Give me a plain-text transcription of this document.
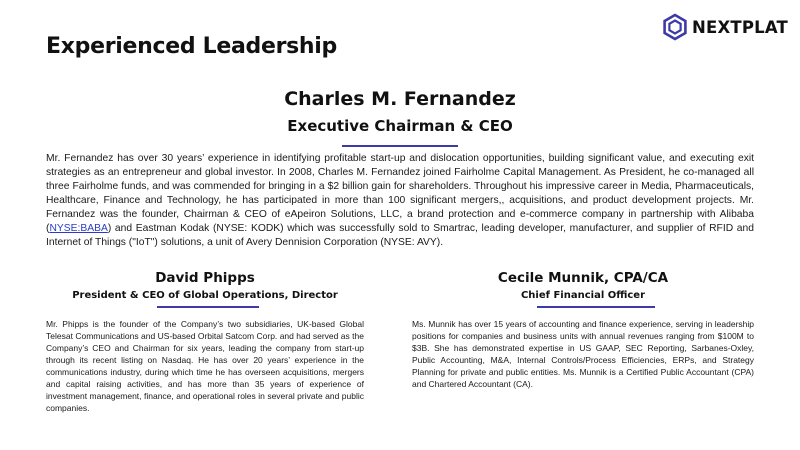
Experienced Leadership
NEXTPLAT
Charles M. Fernandez
Executive Chairman & CEO

Mr. Fernandez has over 30 years’ experience in identifying profitable start-up and dislocation opportunities, building significant value, and executing exit strategies as an entrepreneur and global investor. In 2008, Charles M. Fernandez joined Fairholme Capital Management. As President, he co-managed all three Fairholme funds, and was commended for bringing in a $2 billion gain for shareholders. Throughout his impressive career in Media, Pharmaceuticals, Healthcare, Finance and Technology, he has participated in more than 100 significant mergers,, acquisitions, and product development projects. Mr. Fernandez was the founder, Chairman & CEO of eApeiron Solutions, LLC, a brand protection and e-commerce company in partnership with Alibaba (NYSE:BABA) and Eastman Kodak (NYSE: KODK) which was successfully sold to Smartrac, leading developer, manufacturer, and supplier of RFID and Internet of Things ("IoT") solutions, a unit of Avery Dennision Corporation (NYSE: AVY).

David Phipps
President & CEO of Global Operations, Director

Mr. Phipps is the founder of the Company’s two subsidiaries, UK-based Global Telesat Communications and US-based Orbital Satcom Corp. and had served as the Company’s CEO and Chairman for six years, leading the company from start-up through its recent listing on Nasdaq. He has over 20 years’ experience in the communications industry, during which time he has overseen acquisitions, mergers and capital raising activities, and has more than 35 years of experience of investment management, finance, and operational roles in several private and public companies.

Cecile Munnik, CPA/CA
Chief Financial Officer

Ms. Munnik has over 15 years of accounting and finance experience, serving in leadership positions for companies and business units with annual revenues ranging from $100M to $3B. She has demonstrated expertise in US GAAP, SEC Reporting, Sarbanes-Oxley, Public Accounting, M&A, Internal Controls/Process Efficiencies, ERPs, and Strategy Planning for private and public entities. Ms. Munnik is a Certified Public Accountant (CPA) and Chartered Accountant (CA).
